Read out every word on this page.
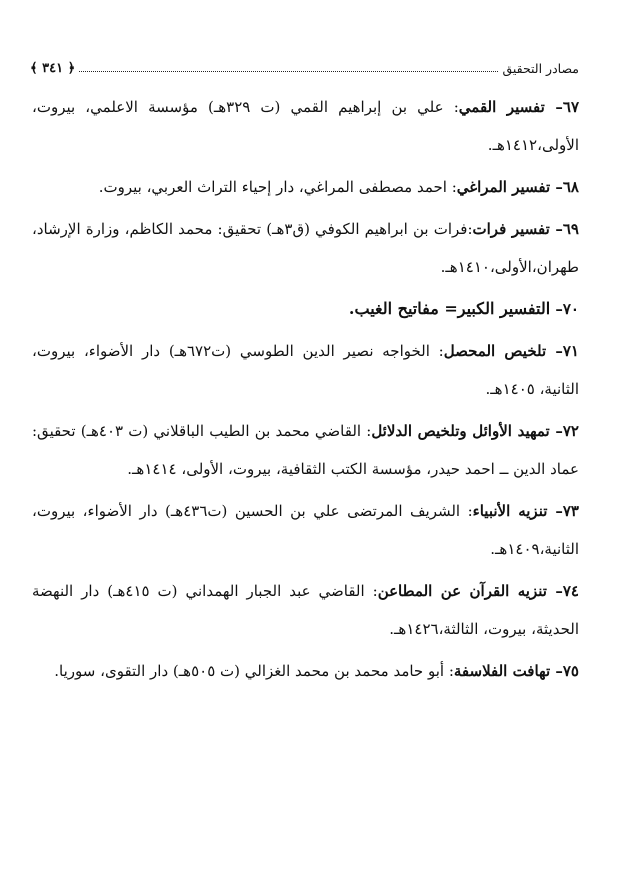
مصادر التحقيق
﴿ ٣٤١ ﴾

٦٧– تفسير القمي: علي بن إبراهيم القمي (ت ٣٢٩هـ) مؤسسة الاعلمي، بيروت، الأولى،١٤١٢هـ.

٦٨– تفسير المراغي: احمد مصطفى المراغي، دار إحياء التراث العربي، بيروت.

٦٩– تفسير فرات:فرات بن ابراهيم الكوفي (ق٣هـ) تحقيق: محمد الكاظم، وزارة الإرشاد، طهران،الأولى،١٤١٠هـ.

٧٠– التفسير الكبير= مفاتيح الغيب.

٧١– تلخيص المحصل: الخواجه نصير الدين الطوسي (ت٦٧٢هـ) دار الأضواء، بيروت، الثانية، ١٤٠٥هـ.

٧٢– تمهيد الأوائل وتلخيص الدلائل: القاضي محمد بن الطيب الباقلاني (ت ٤٠٣هـ) تحقيق: عماد الدين ــ احمد حيدر، مؤسسة الكتب الثقافية، بيروت، الأولى، ١٤١٤هـ.

٧٣– تنزيه الأنبياء: الشريف المرتضى علي بن الحسين (ت٤٣٦هـ) دار الأضواء، بيروت، الثانية،١٤٠٩هـ.

٧٤– تنزيه القرآن عن المطاعن: القاضي عبد الجبار الهمداني (ت ٤١٥هـ) دار النهضة الحديثة، بيروت، الثالثة،١٤٢٦هـ.

٧٥– تهافت الفلاسفة: أبو حامد محمد بن محمد الغزالي (ت ٥٠٥هـ) دار التقوى، سوريا.
